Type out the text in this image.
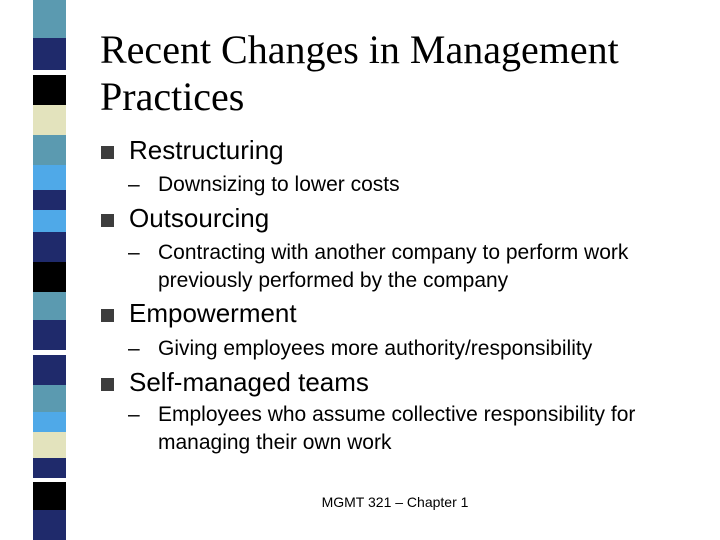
Recent Changes in Management Practices
Restructuring
– Downsizing to lower costs
Outsourcing
– Contracting with another company to perform work previously performed by the company
Empowerment
– Giving employees more authority/responsibility
Self-managed teams
– Employees who assume collective responsibility for managing their own work
MGMT 321 – Chapter 1
